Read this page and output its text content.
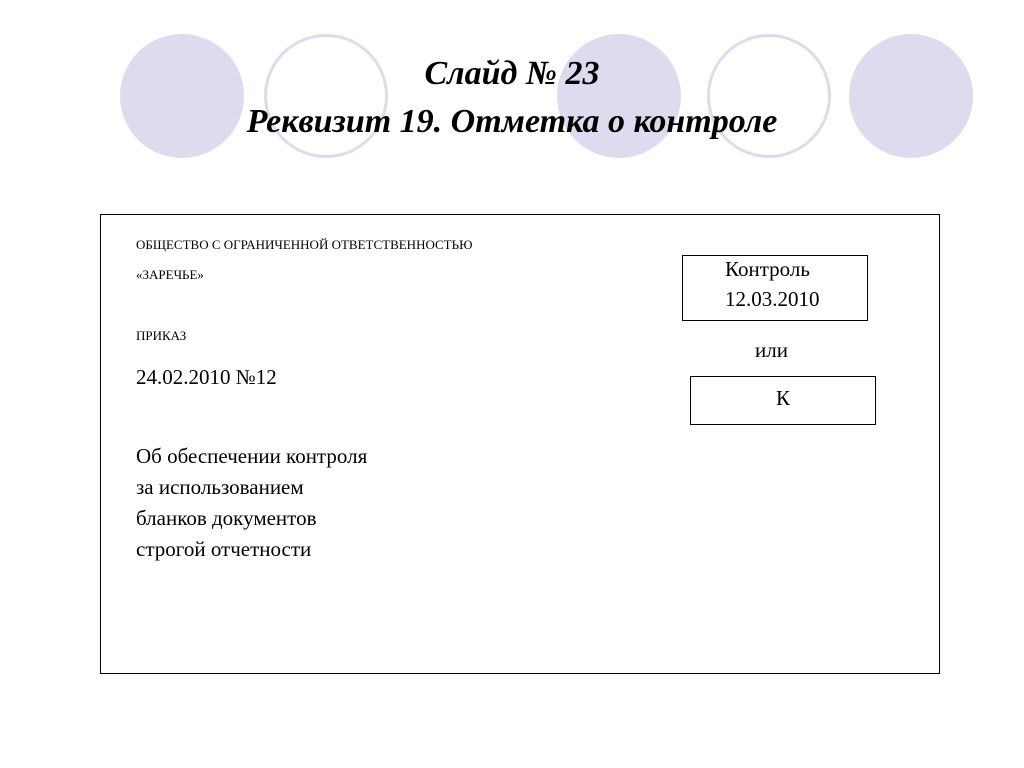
Слайд № 23
Реквизит 19. Отметка о контроле
ОБЩЕСТВО С ОГРАНИЧЕННОЙ ОТВЕТСТВЕННОСТЬЮ
«ЗАРЕЧЬЕ»
ПРИКАЗ
24.02.2010 №12
Об обеспечении контроля
за использованием
бланков документов
строгой отчетности
Контроль
12.03.2010
или
К
